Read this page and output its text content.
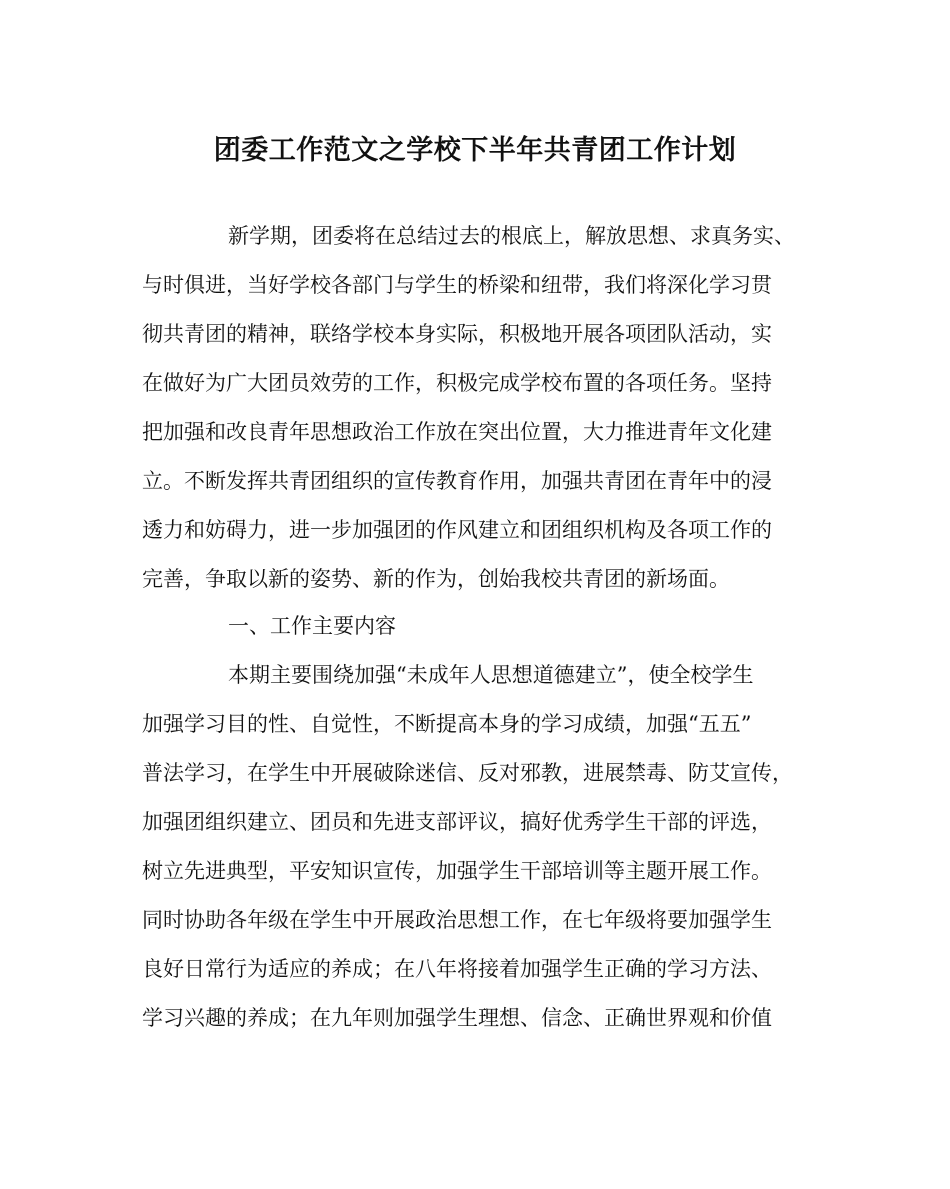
团委工作范文之学校下半年共青团工作计划

新学期，团委将在总结过去的根底上，解放思想、求真务实、

与时俱进，当好学校各部门与学生的桥梁和纽带，我们将深化学习贯

彻共青团的精神，联络学校本身实际，积极地开展各项团队活动，实

在做好为广大团员效劳的工作，积极完成学校布置的各项任务。坚持

把加强和改良青年思想政治工作放在突出位置，大力推进青年文化建

立。不断发挥共青团组织的宣传教育作用，加强共青团在青年中的浸

透力和妨碍力，进一步加强团的作风建立和团组织机构及各项工作的

完善，争取以新的姿势、新的作为，创始我校共青团的新场面。

一、工作主要内容

本期主要围绕加强“未成年人思想道德建立”，使全校学生

加强学习目的性、自觉性，不断提高本身的学习成绩，加强“五五”

普法学习，在学生中开展破除迷信、反对邪教，进展禁毒、防艾宣传，

加强团组织建立、团员和先进支部评议，搞好优秀学生干部的评选，

树立先进典型，平安知识宣传，加强学生干部培训等主题开展工作。

同时协助各年级在学生中开展政治思想工作，在七年级将要加强学生

良好日常行为适应的养成；在八年将接着加强学生正确的学习方法、

学习兴趣的养成；在九年则加强学生理想、信念、正确世界观和价值
